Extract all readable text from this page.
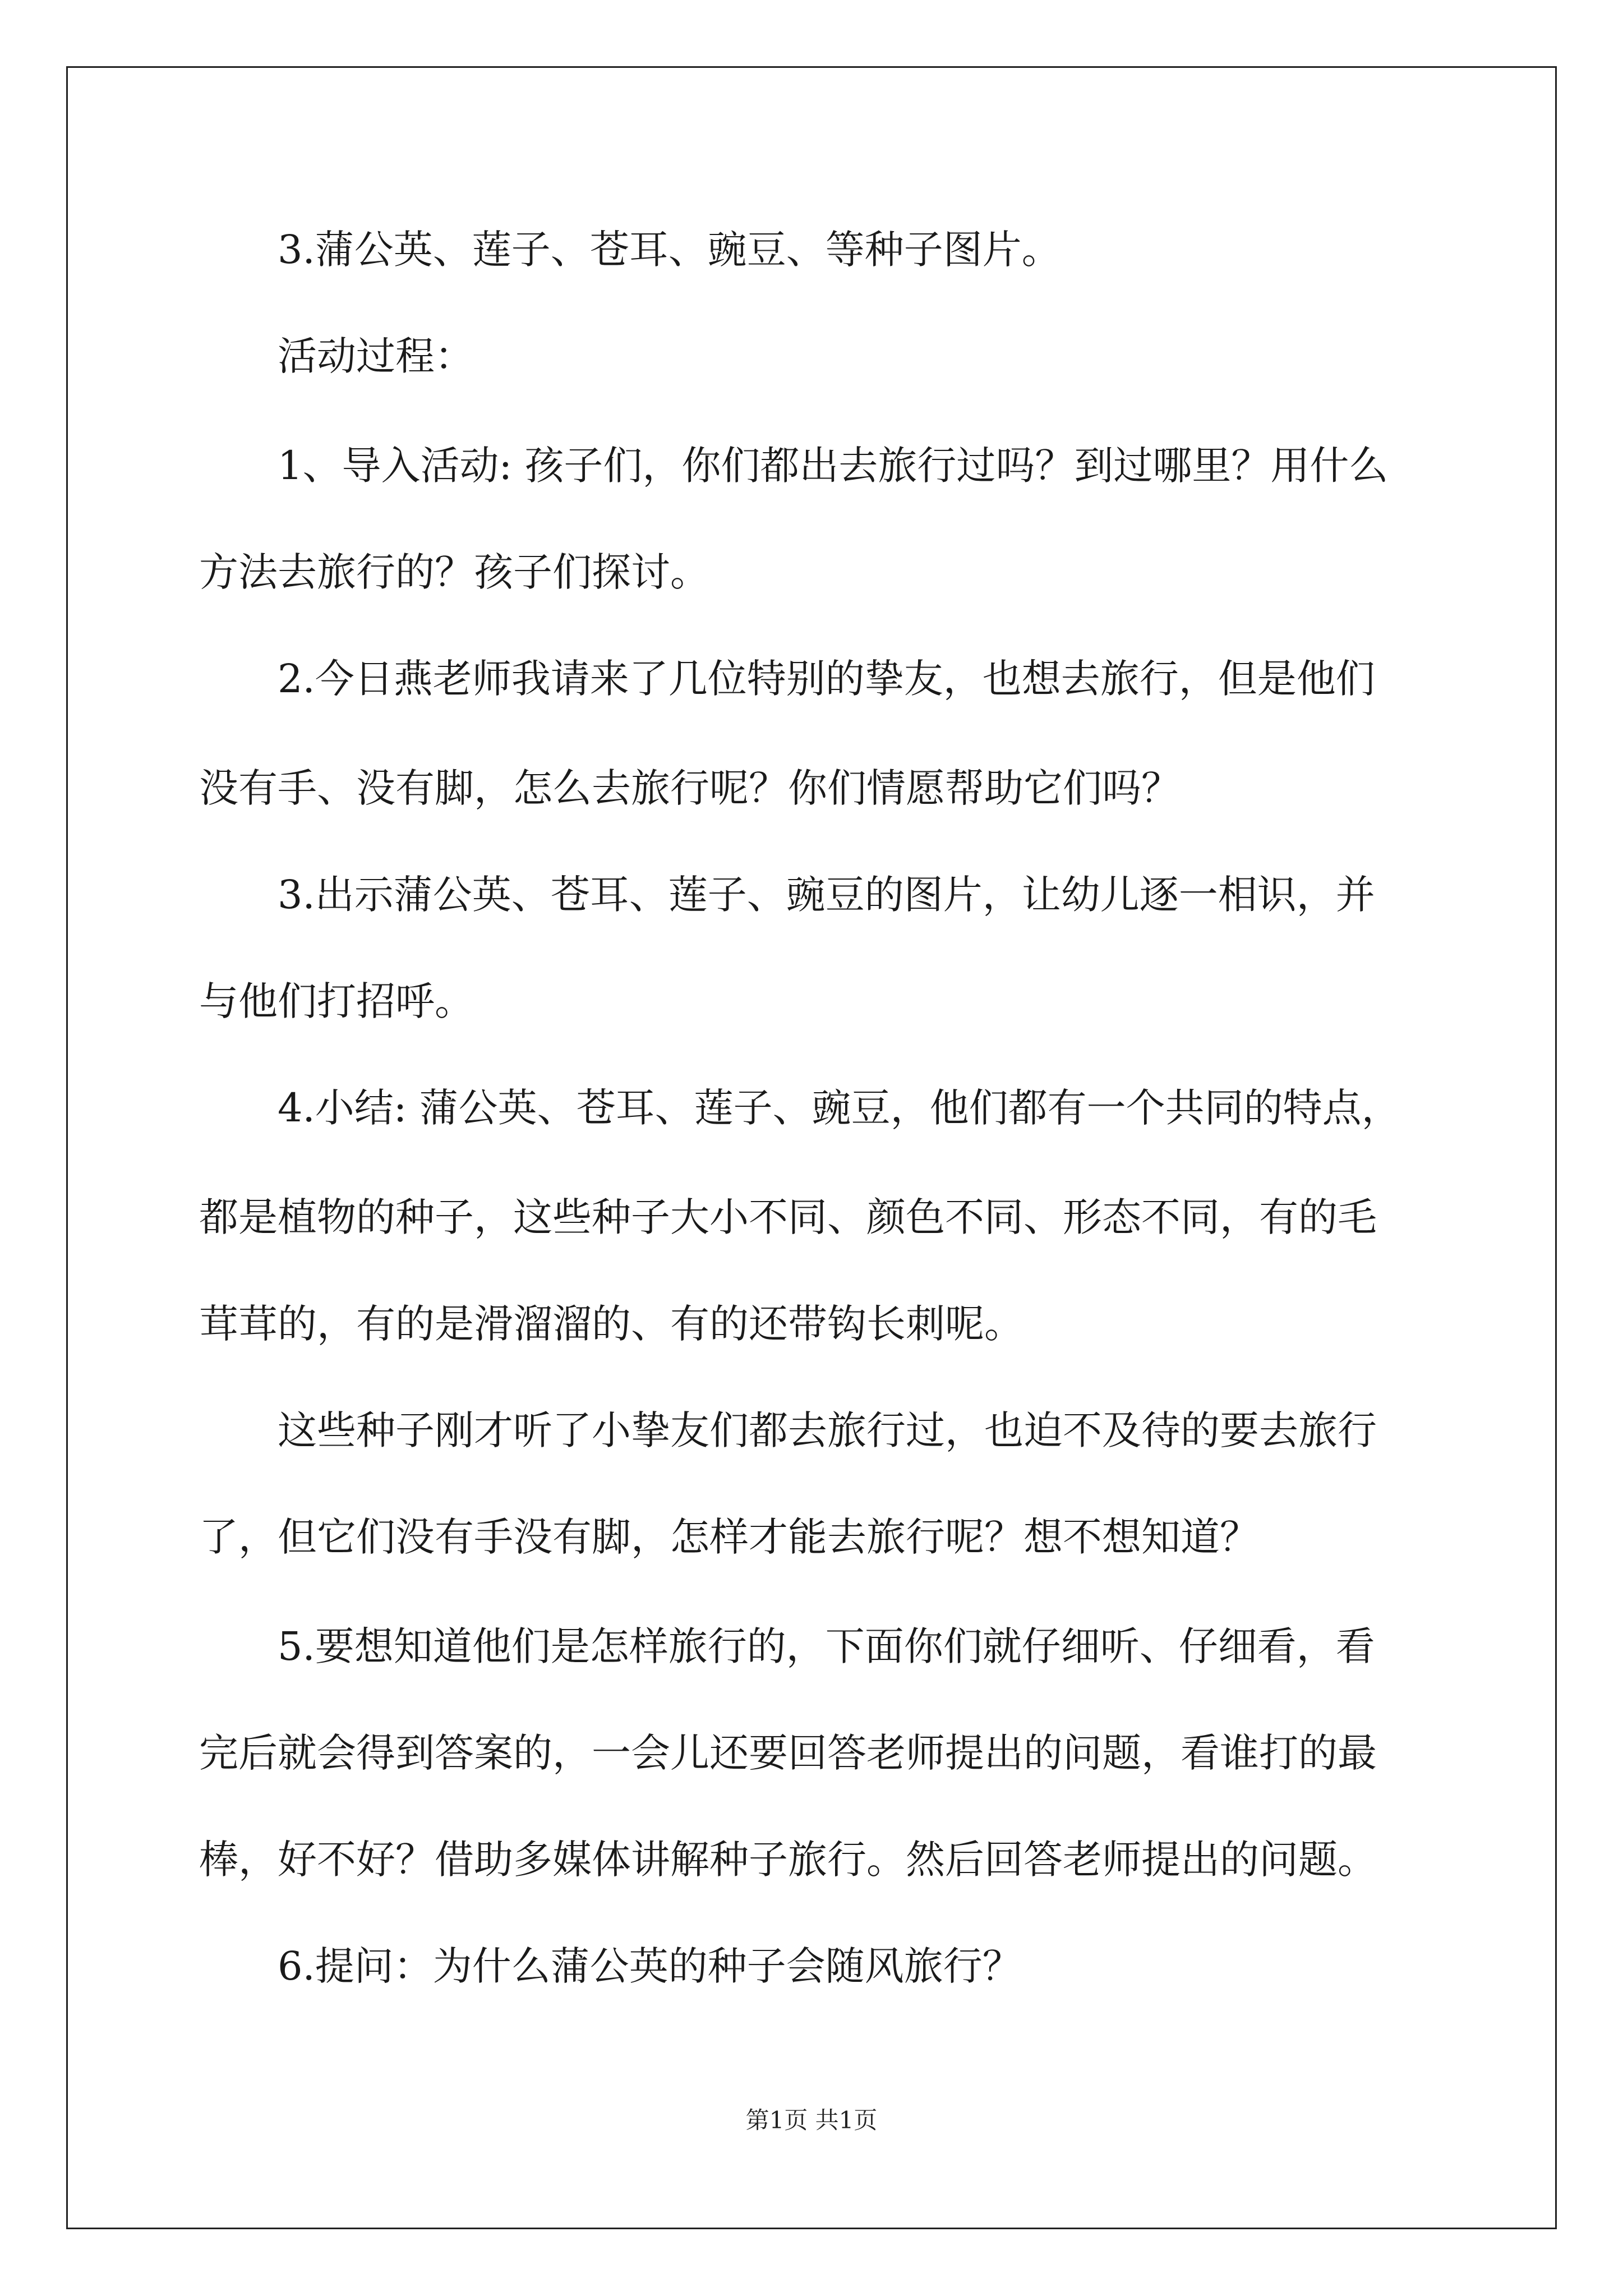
3.蒲公英、莲子、苍耳、豌豆、等种子图片。
活动过程：
1、导入活动: 孩子们，你们都出去旅行过吗？到过哪里？用什么
方法去旅行的？孩子们探讨。
2.今日燕老师我请来了几位特别的挚友，也想去旅行，但是他们
没有手、没有脚，怎么去旅行呢？你们情愿帮助它们吗？
3.出示蒲公英、苍耳、莲子、豌豆的图片，让幼儿逐一相识，并
与他们打招呼。
4.小结: 蒲公英、苍耳、莲子、豌豆，他们都有一个共同的特点，
都是植物的种子，这些种子大小不同、颜色不同、形态不同，有的毛
茸茸的，有的是滑溜溜的、有的还带钩长刺呢。
这些种子刚才听了小挚友们都去旅行过，也迫不及待的要去旅行
了，但它们没有手没有脚，怎样才能去旅行呢？想不想知道？
5.要想知道他们是怎样旅行的，下面你们就仔细听、仔细看，看
完后就会得到答案的，一会儿还要回答老师提出的问题，看谁打的最
棒，好不好？借助多媒体讲解种子旅行。然后回答老师提出的问题。
6.提问：为什么蒲公英的种子会随风旅行？
第1页 共1页
